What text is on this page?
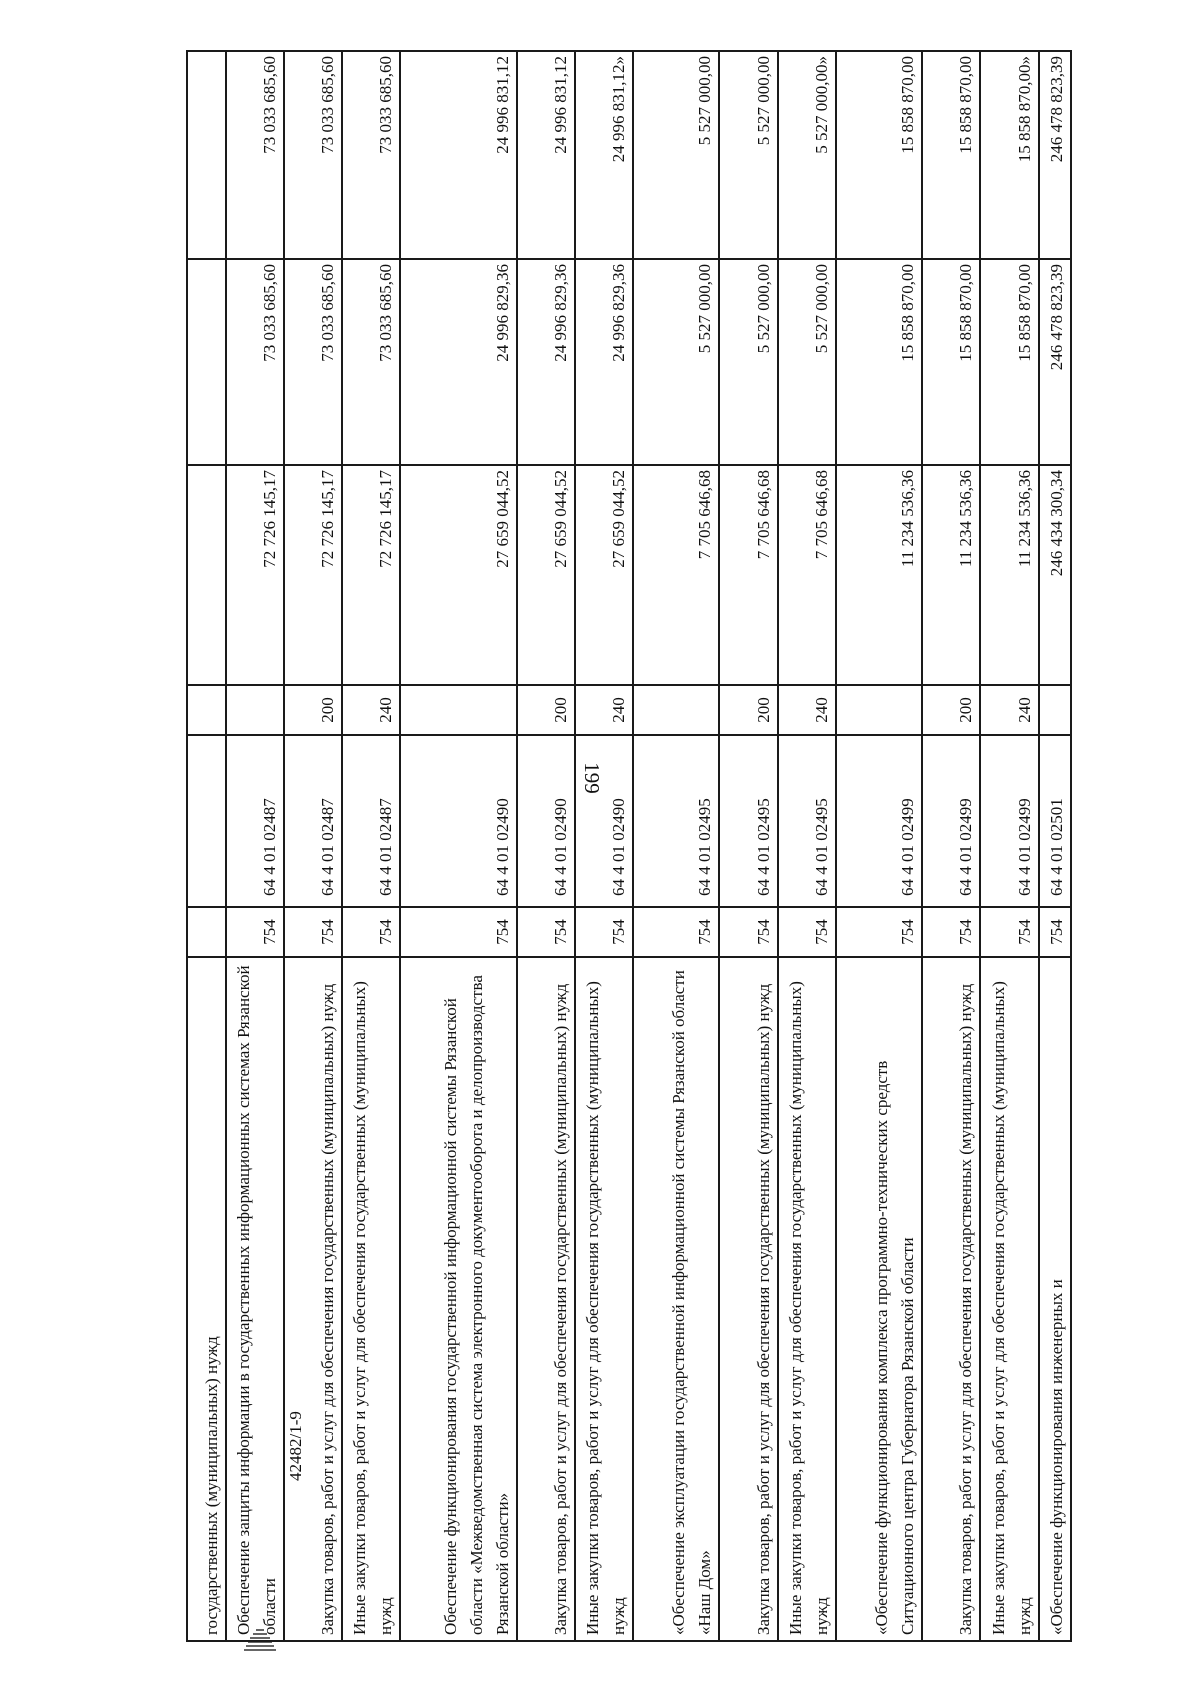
199
42482/1-9
государственных (муниципальных) нужд						
Обеспечение защиты информации в государственных информационных системах Рязанской области	754	64 4 01 02487		72 726 145,17	73 033 685,60	73 033 685,60
Закупка товаров, работ и услуг для обеспечения государственных (муниципальных) нужд	754	64 4 01 02487	200	72 726 145,17	73 033 685,60	73 033 685,60
Иные закупки товаров, работ и услуг для обеспечения государственных (муниципальных) нужд	754	64 4 01 02487	240	72 726 145,17	73 033 685,60	73 033 685,60
Обеспечение функционирования государственной информационной системы Рязанской области «Межведомственная система электронного документооборота и делопроизводства Рязанской области»	754	64 4 01 02490		27 659 044,52	24 996 829,36	24 996 831,12
Закупка товаров, работ и услуг для обеспечения государственных (муниципальных) нужд	754	64 4 01 02490	200	27 659 044,52	24 996 829,36	24 996 831,12
Иные закупки товаров, работ и услуг для обеспечения государственных (муниципальных) нужд	754	64 4 01 02490	240	27 659 044,52	24 996 829,36	24 996 831,12»
«Обеспечение эксплуатации государственной информационной системы Рязанской области «Наш Дом»	754	64 4 01 02495		7 705 646,68	5 527 000,00	5 527 000,00
Закупка товаров, работ и услуг для обеспечения государственных (муниципальных) нужд	754	64 4 01 02495	200	7 705 646,68	5 527 000,00	5 527 000,00
Иные закупки товаров, работ и услуг для обеспечения государственных (муниципальных) нужд	754	64 4 01 02495	240	7 705 646,68	5 527 000,00	5 527 000,00»
«Обеспечение функционирования комплекса программно-технических средств Ситуационного центра Губернатора Рязанской области	754	64 4 01 02499		11 234 536,36	15 858 870,00	15 858 870,00
Закупка товаров, работ и услуг для обеспечения государственных (муниципальных) нужд	754	64 4 01 02499	200	11 234 536,36	15 858 870,00	15 858 870,00
Иные закупки товаров, работ и услуг для обеспечения государственных (муниципальных) нужд	754	64 4 01 02499	240	11 234 536,36	15 858 870,00	15 858 870,00»
«Обеспечение функционирования инженерных и	754	64 4 01 02501		246 434 300,34	246 478 823,39	246 478 823,39
